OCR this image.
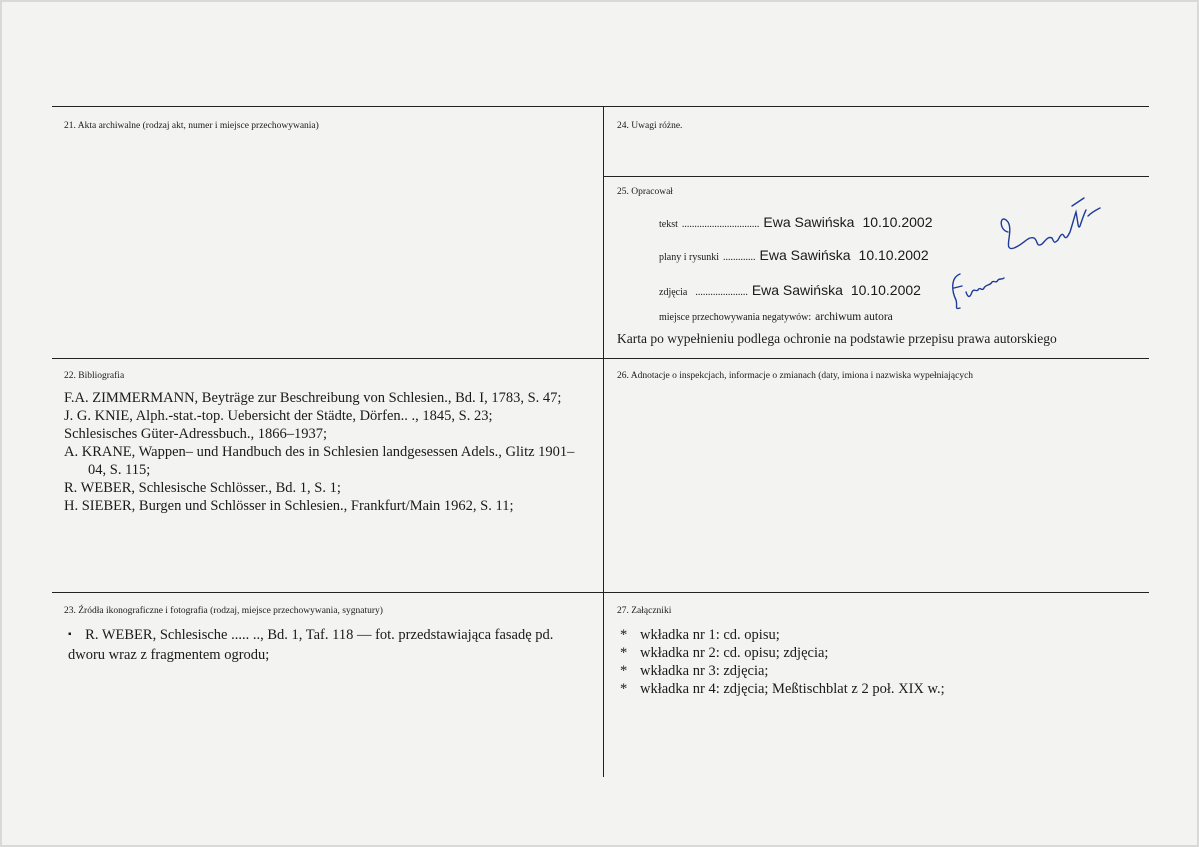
21. Akta archiwalne (rodzaj akt, numer i miejsce przechowywania)	24. Uwagi różne.
25. Opracował
tekst ............................... Ewa Sawińska 10.10.2002
plany i rysunki ............. Ewa Sawińska 10.10.2002
zdjęcia ..................... Ewa Sawińska 10.10.2002
miejsce przechowywania negatywów: archiwum autora
Karta po wypełnieniu podlega ochronie na podstawie przepisu prawa autorskiego
22. Bibliografia

F.A. ZIMMERMANN, Beyträge zur Beschreibung von Schlesien., Bd. I, 1783, S. 47;

J. G. KNIE, Alph.-stat.-top. Uebersicht der Städte, Dörfen.. ., 1845, S. 23;

Schlesisches Güter-Adressbuch., 1866–1937;

A. KRANE, Wappen– und Handbuch des in Schlesien landgesessen Adels., Glitz 1901–04, S. 115;

R. WEBER, Schlesische Schlösser., Bd. 1, S. 1;

H. SIEBER, Burgen und Schlösser in Schlesien., Frankfurt/Main 1962, S. 11;

26. Adnotacje o inspekcjach, informacje o zmianach (daty, imiona i nazwiska wypełniających
23. Źródła ikonograficzne i fotografia (rodzaj, miejsce przechowywania, sygnatury)
▪ R. WEBER, Schlesische ..... .., Bd. 1, Taf. 118 — fot. przedstawiająca fasadę pd. dworu wraz z fragmentem ogrodu;
27. Załączniki
* wkładka nr 1: cd. opisu;
* wkładka nr 2: cd. opisu; zdjęcia;
* wkładka nr 3: zdjęcia;
* wkładka nr 4: zdjęcia; Meßtischblat z 2 poł. XIX w.;
